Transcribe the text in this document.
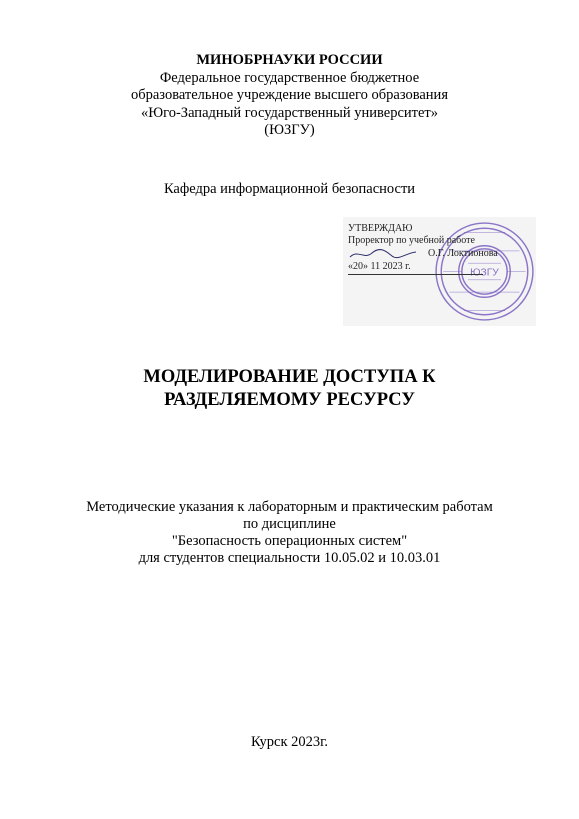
МИНОБРНАУКИ РОССИИ
Федеральное государственное бюджетное
образовательное учреждение высшего образования
«Юго-Западный государственный университет»
(ЮЗГУ)
Кафедра информационной безопасности
ЮЗГУ
УТВЕРЖДАЮ
Проректор по учебной работе
О.Г. Локтионова
«20» 11 2023 г.
МОДЕЛИРОВАНИЕ ДОСТУПА К
РАЗДЕЛЯЕМОМУ РЕСУРСУ
Методические указания к лабораторным и практическим работам
по дисциплине
"Безопасность операционных систем"
для студентов специальности 10.05.02 и 10.03.01
Курск 2023г.
